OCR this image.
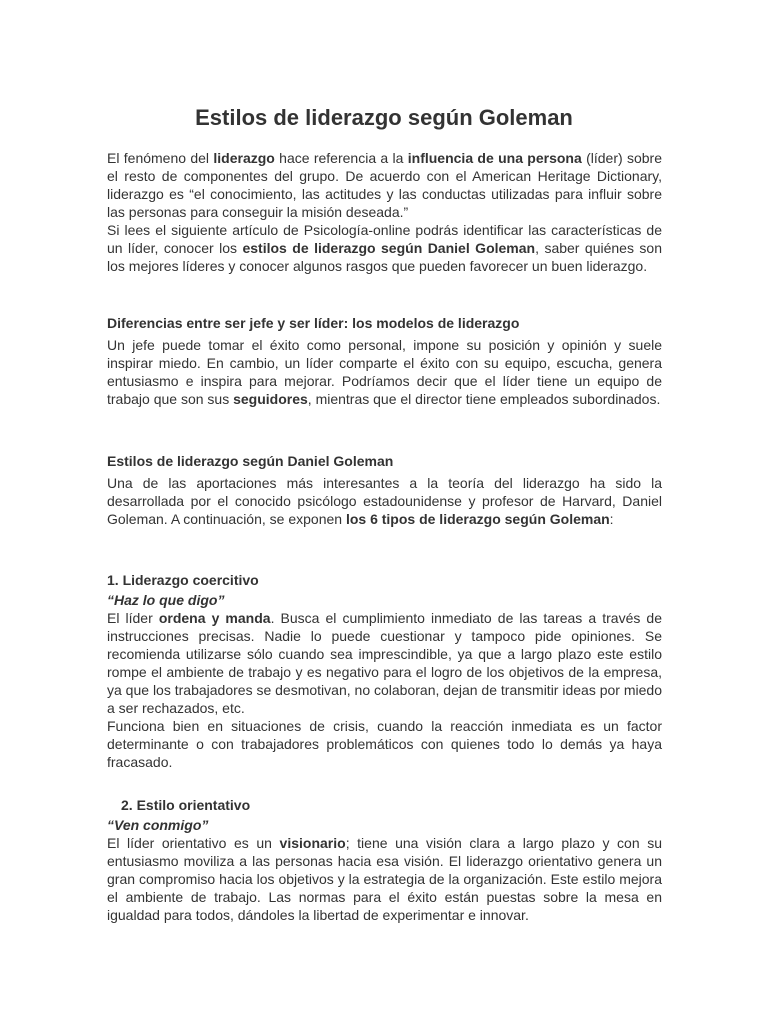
Estilos de liderazgo según Goleman

El fenómeno del liderazgo hace referencia a la influencia de una persona (líder) sobre el resto de componentes del grupo. De acuerdo con el American Heritage Dictionary, liderazgo es “el conocimiento, las actitudes y las conductas utilizadas para influir sobre las personas para conseguir la misión deseada.”

Si lees el siguiente artículo de Psicología-online podrás identificar las características de un líder, conocer los estilos de liderazgo según Daniel Goleman, saber quiénes son los mejores líderes y conocer algunos rasgos que pueden favorecer un buen liderazgo.

Diferencias entre ser jefe y ser líder: los modelos de liderazgo

Un jefe puede tomar el éxito como personal, impone su posición y opinión y suele inspirar miedo. En cambio, un líder comparte el éxito con su equipo, escucha, genera entusiasmo e inspira para mejorar. Podríamos decir que el líder tiene un equipo de trabajo que son sus seguidores, mientras que el director tiene empleados subordinados.

Estilos de liderazgo según Daniel Goleman

Una de las aportaciones más interesantes a la teoría del liderazgo ha sido la desarrollada por el conocido psicólogo estadounidense y profesor de Harvard, Daniel Goleman. A continuación, se exponen los 6 tipos de liderazgo según Goleman:

1. Liderazgo coercitivo
“Haz lo que digo”

El líder ordena y manda. Busca el cumplimiento inmediato de las tareas a través de instrucciones precisas. Nadie lo puede cuestionar y tampoco pide opiniones. Se recomienda utilizarse sólo cuando sea imprescindible, ya que a largo plazo este estilo rompe el ambiente de trabajo y es negativo para el logro de los objetivos de la empresa, ya que los trabajadores se desmotivan, no colaboran, dejan de transmitir ideas por miedo a ser rechazados, etc.

Funciona bien en situaciones de crisis, cuando la reacción inmediata es un factor determinante o con trabajadores problemáticos con quienes todo lo demás ya haya fracasado.

2. Estilo orientativo
“Ven conmigo”

El líder orientativo es un visionario; tiene una visión clara a largo plazo y con su entusiasmo moviliza a las personas hacia esa visión. El liderazgo orientativo genera un gran compromiso hacia los objetivos y la estrategia de la organización. Este estilo mejora el ambiente de trabajo. Las normas para el éxito están puestas sobre la mesa en igualdad para todos, dándoles la libertad de experimentar e innovar.
